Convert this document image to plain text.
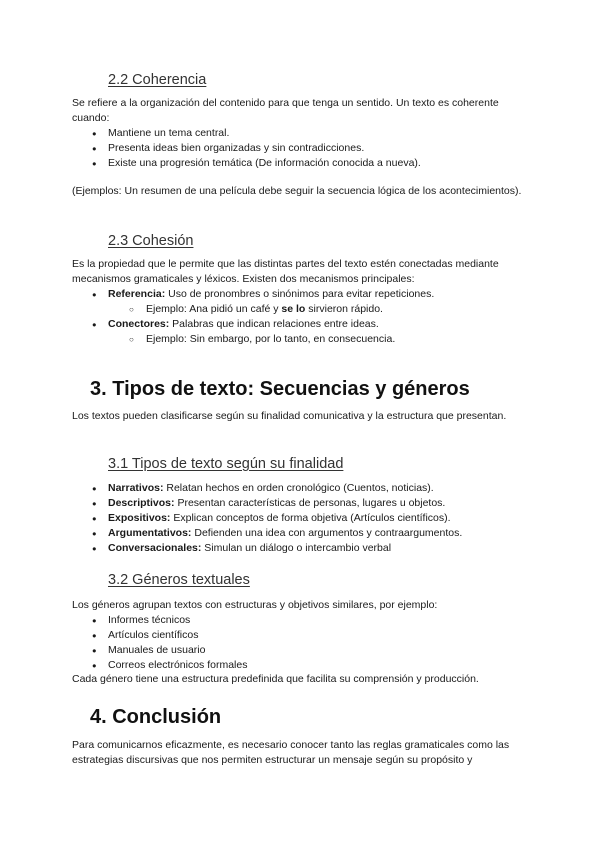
2.2 Coherencia

Se refiere a la organización del contenido para que tenga un sentido. Un texto es coherente cuando:

● Mantiene un tema central.
● Presenta ideas bien organizadas y sin contradicciones.
● Existe una progresión temática (De información conocida a nueva).

(Ejemplos: Un resumen de una película debe seguir la secuencia lógica de los acontecimientos).

2.3 Cohesión

Es la propiedad que le permite que las distintas partes del texto estén conectadas mediante mecanismos gramaticales y léxicos. Existen dos mecanismos principales:

● Referencia: Uso de pronombres o sinónimos para evitar repeticiones.
○ Ejemplo: Ana pidió un café y se lo sirvieron rápido.
● Conectores: Palabras que indican relaciones entre ideas.
○ Ejemplo: Sin embargo, por lo tanto, en consecuencia.
3. Tipos de texto: Secuencias y géneros

Los textos pueden clasificarse según su finalidad comunicativa y la estructura que presentan.

3.1 Tipos de texto según su finalidad
● Narrativos: Relatan hechos en orden cronológico (Cuentos, noticias).
● Descriptivos: Presentan características de personas, lugares u objetos.
● Expositivos: Explican conceptos de forma objetiva (Artículos científicos).
● Argumentativos: Defienden una idea con argumentos y contraargumentos.
● Conversacionales: Simulan un diálogo o intercambio verbal
3.2 Géneros textuales

Los géneros agrupan textos con estructuras y objetivos similares, por ejemplo:

● Informes técnicos
● Artículos científicos
● Manuales de usuario
● Correos electrónicos formales

Cada género tiene una estructura predefinida que facilita su comprensión y producción.

4. Conclusión

Para comunicarnos eficazmente, es necesario conocer tanto las reglas gramaticales como las estrategias discursivas que nos permiten estructurar un mensaje según su propósito y
